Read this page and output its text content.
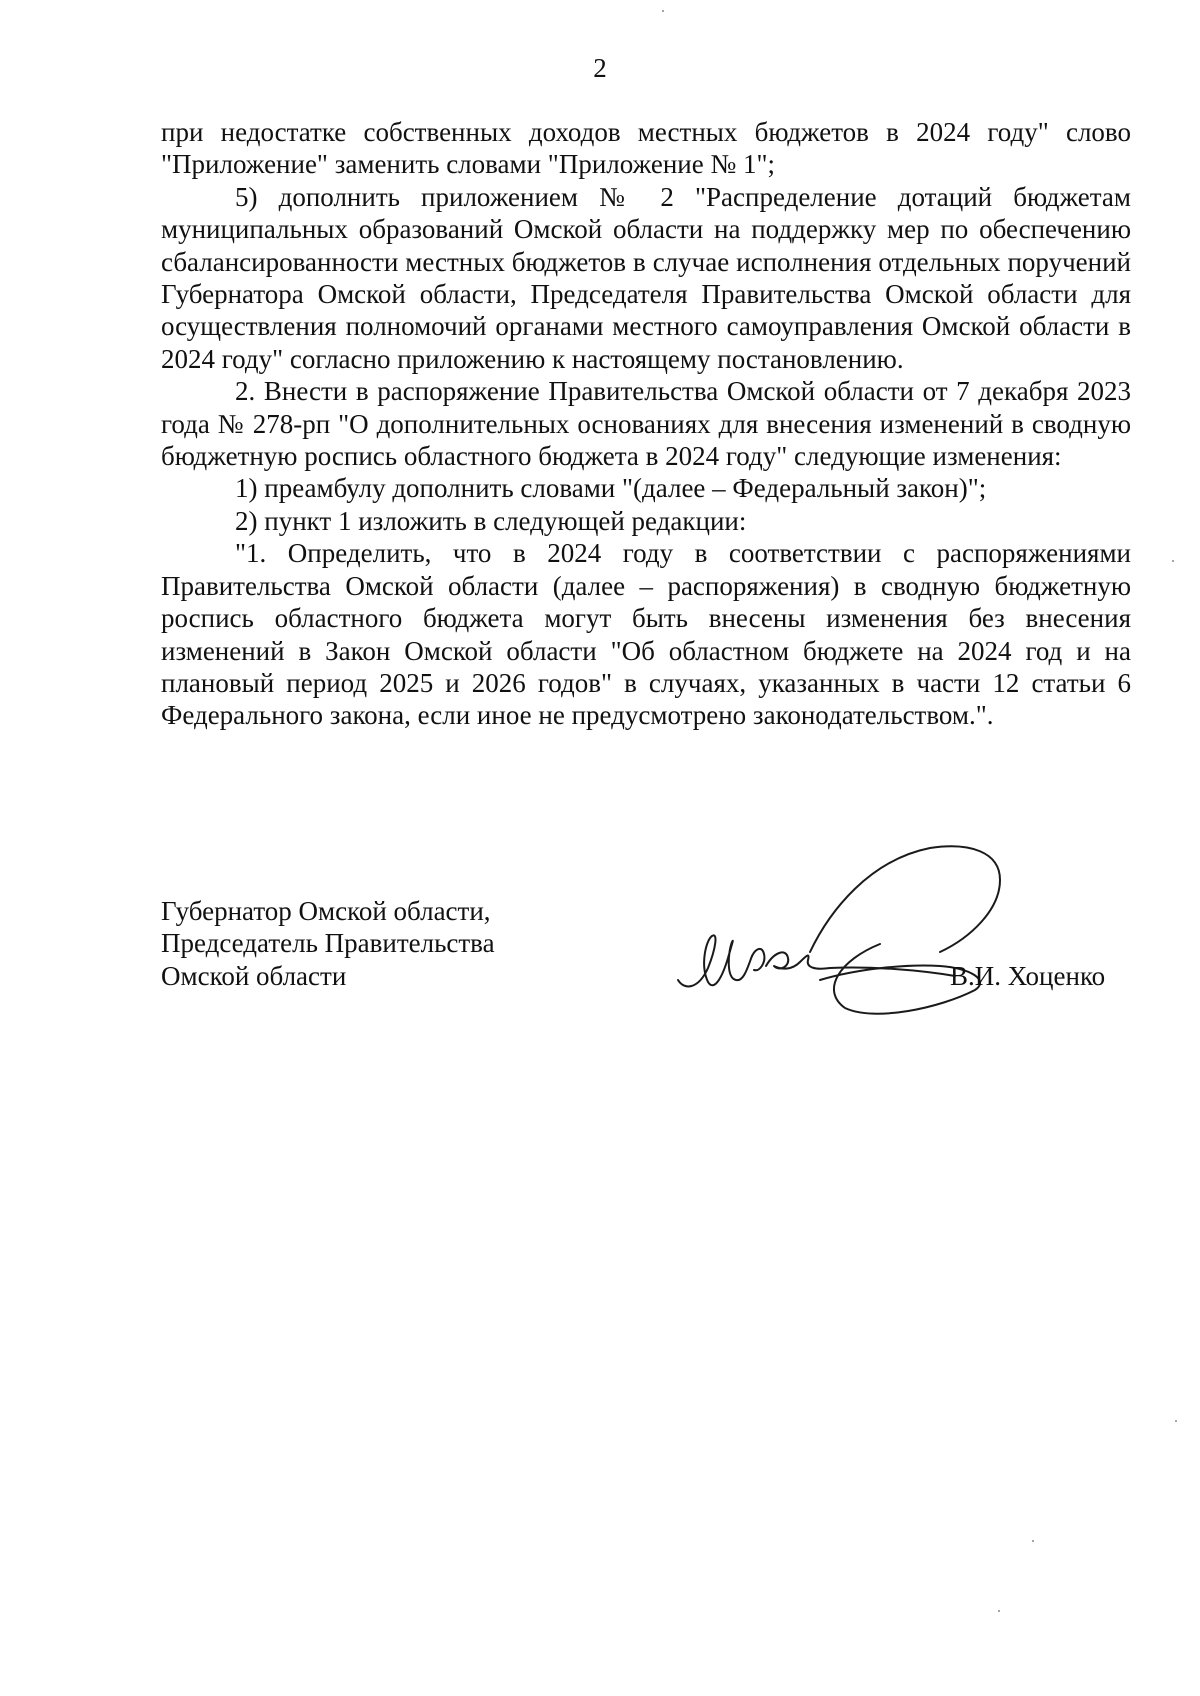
2

при недостатке собственных доходов местных бюджетов в 2024 году" слово "Приложение" заменить словами "Приложение № 1";

5) дополнить приложением № 2 "Распределение дотаций бюджетам муниципальных образований Омской области на поддержку мер по обеспечению сбалансированности местных бюджетов в случае исполнения отдельных поручений Губернатора Омской области, Председателя Правительства Омской области для осуществления полномочий органами местного самоуправления Омской области в 2024 году" согласно приложению к настоящему постановлению.

2. Внести в распоряжение Правительства Омской области от 7 декабря 2023 года № 278-рп "О дополнительных основаниях для внесения изменений в сводную бюджетную роспись областного бюджета в 2024 году" следующие изменения:

1) преамбулу дополнить словами "(далее – Федеральный закон)";

2) пункт 1 изложить в следующей редакции:

"1. Определить, что в 2024 году в соответствии с распоряжениями Правительства Омской области (далее – распоряжения) в сводную бюджетную роспись областного бюджета могут быть внесены изменения без внесения изменений в Закон Омской области "Об областном бюджете на 2024 год и на плановый период 2025 и 2026 годов" в случаях, указанных в части 12 статьи 6 Федерального закона, если иное не предусмотрено законодательством.".

Губернатор Омской области,
Председатель Правительства
Омской области	В.И. Хоценко
